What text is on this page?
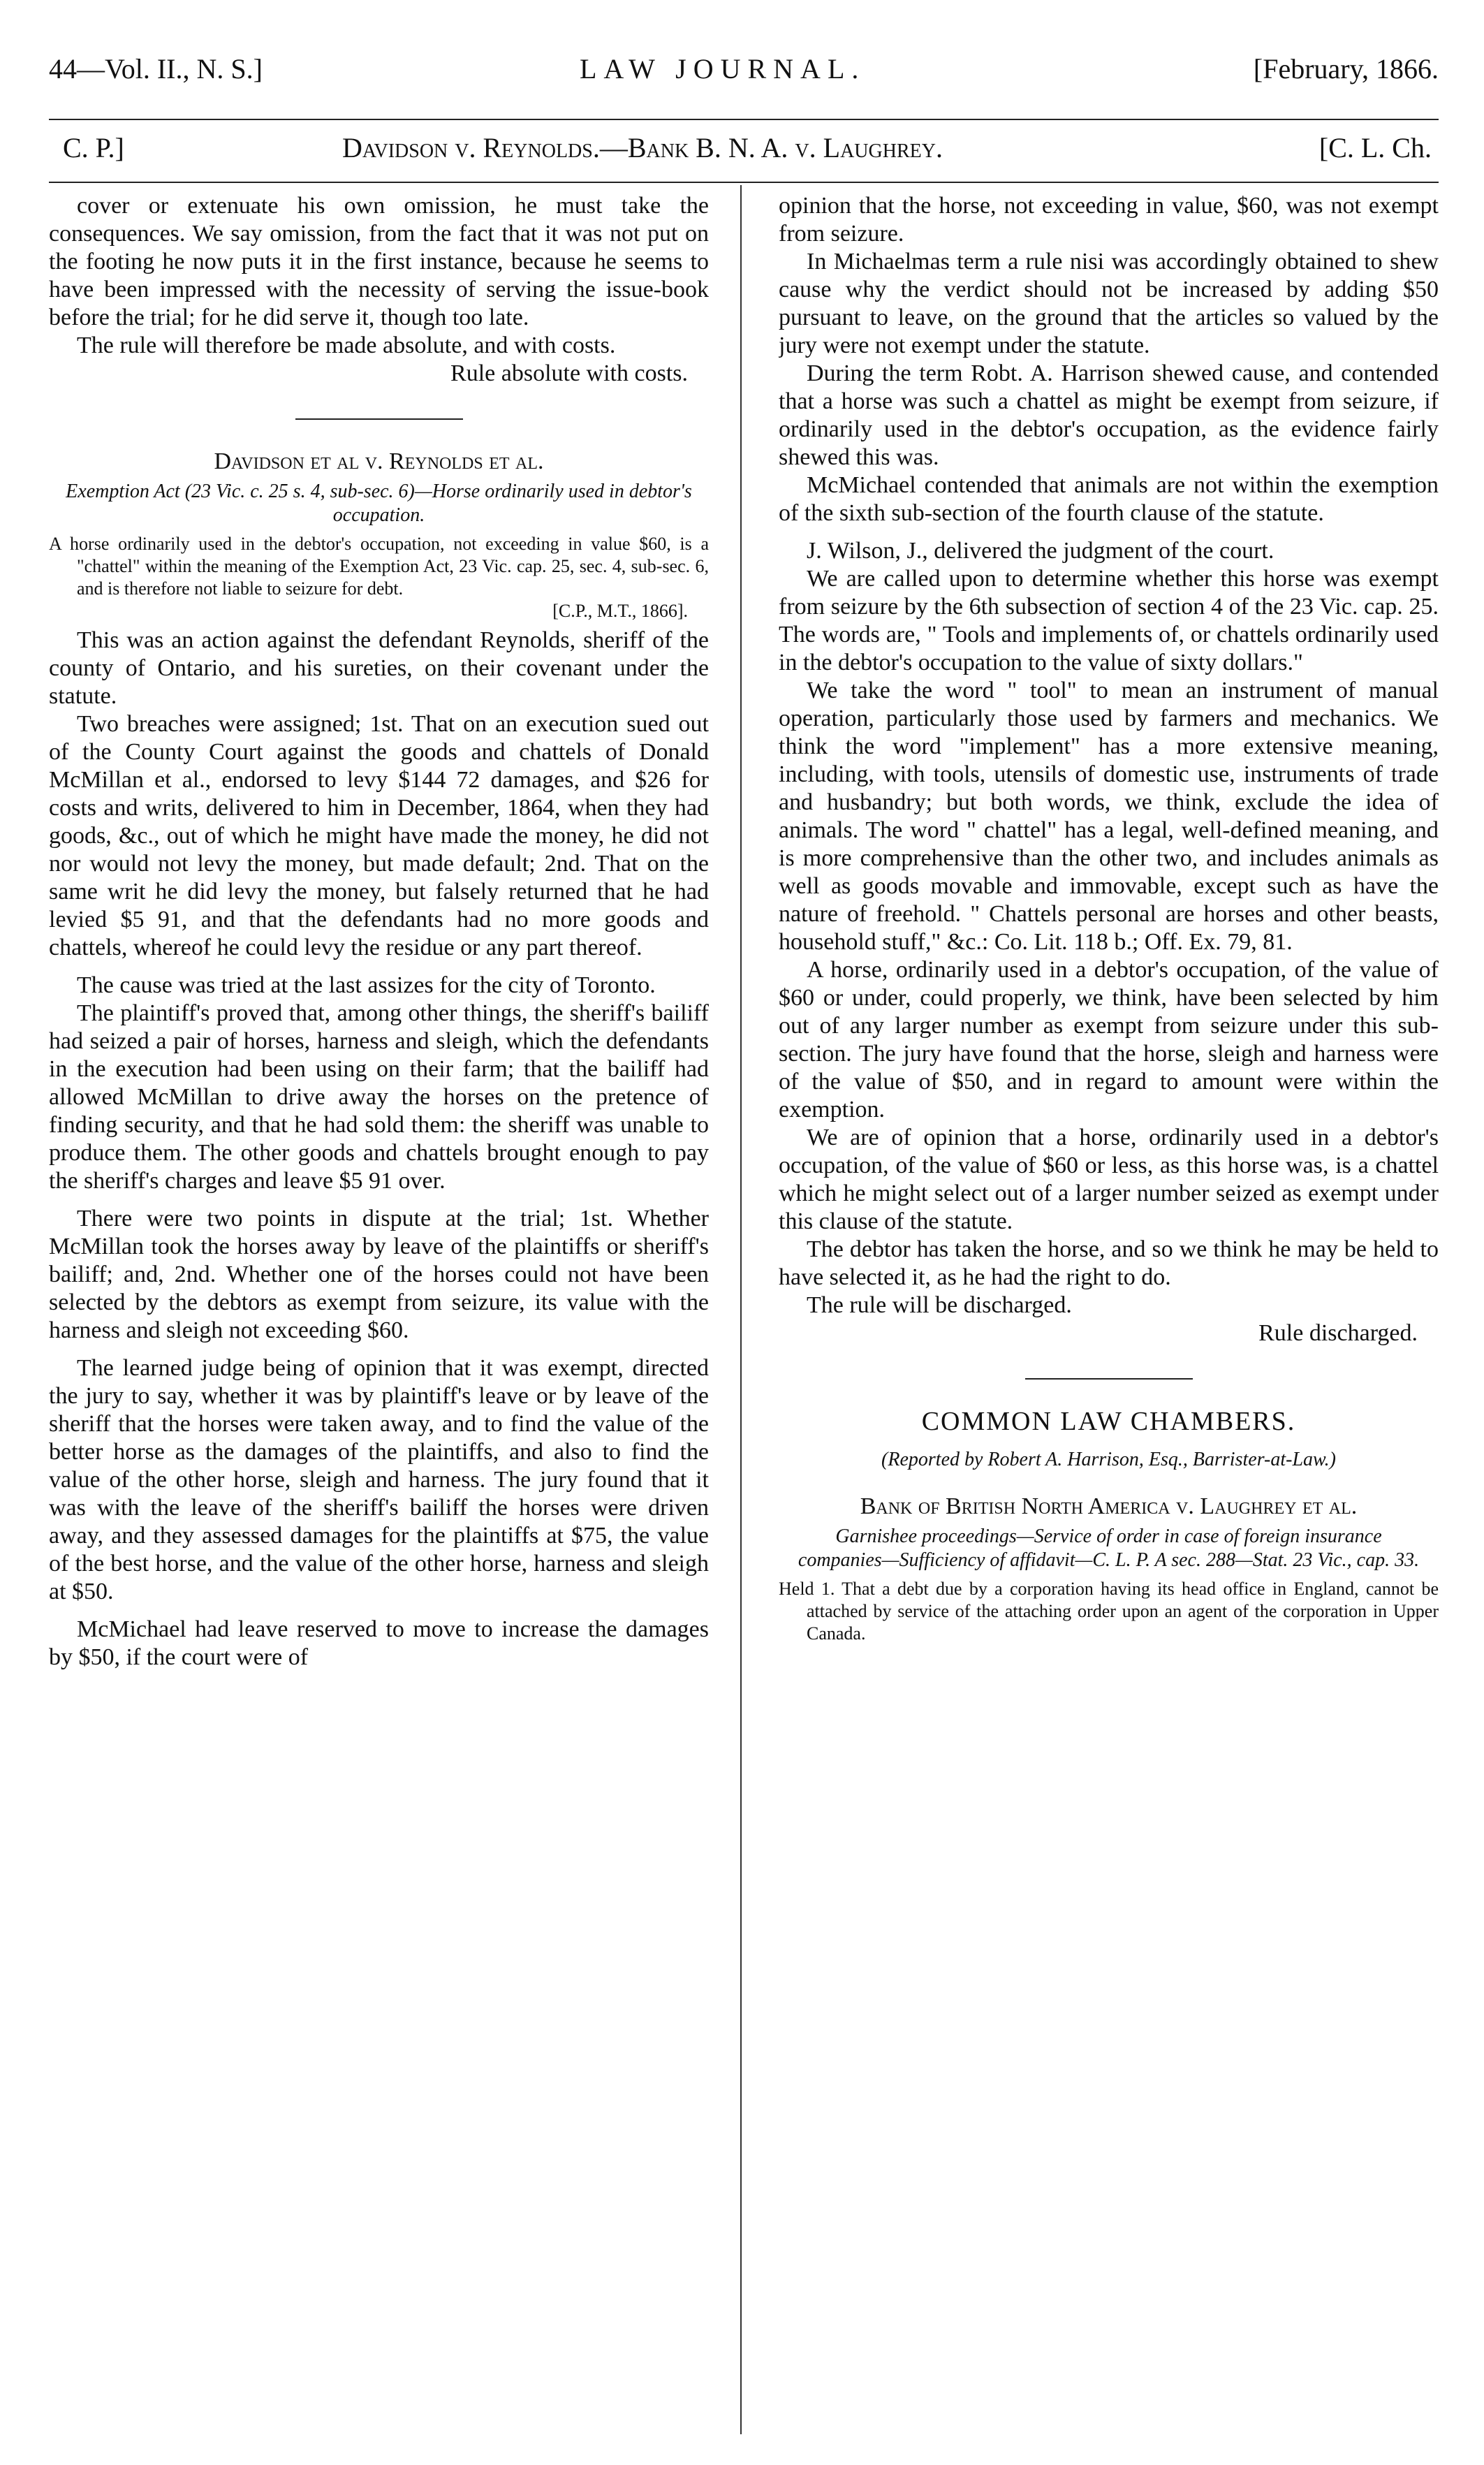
44—Vol. II., N. S.]	LAW JOURNAL.	[February, 1866.
C. P.]	Davidson v. Reynolds.—Bank B. N. A. v. Laughrey.	[C. L. Ch.

cover or extenuate his own omission, he must take the consequences. We say omission, from the fact that it was not put on the footing he now puts it in the first instance, because he seems to have been impressed with the necessity of serving the issue-book before the trial; for he did serve it, though too late.

The rule will therefore be made absolute, and with costs.

Rule absolute with costs.

Davidson et al v. Reynolds et al.

Exemption Act (23 Vic. c. 25 s. 4, sub-sec. 6)—Horse ordinarily used in debtor's occupation.

A horse ordinarily used in the debtor's occupation, not exceeding in value $60, is a "chattel" within the meaning of the Exemption Act, 23 Vic. cap. 25, sec. 4, sub-sec. 6, and is therefore not liable to seizure for debt.

[C.P., M.T., 1866].

This was an action against the defendant Reynolds, sheriff of the county of Ontario, and his sureties, on their covenant under the statute.

Two breaches were assigned; 1st. That on an execution sued out of the County Court against the goods and chattels of Donald McMillan et al., endorsed to levy $144 72 damages, and $26 for costs and writs, delivered to him in December, 1864, when they had goods, &c., out of which he might have made the money, he did not nor would not levy the money, but made default; 2nd. That on the same writ he did levy the money, but falsely returned that he had levied $5 91, and that the defendants had no more goods and chattels, whereof he could levy the residue or any part thereof.

The cause was tried at the last assizes for the city of Toronto.

The plaintiff's proved that, among other things, the sheriff's bailiff had seized a pair of horses, harness and sleigh, which the defendants in the execution had been using on their farm; that the bailiff had allowed McMillan to drive away the horses on the pretence of finding security, and that he had sold them: the sheriff was unable to produce them. The other goods and chattels brought enough to pay the sheriff's charges and leave $5 91 over.

There were two points in dispute at the trial; 1st. Whether McMillan took the horses away by leave of the plaintiffs or sheriff's bailiff; and, 2nd. Whether one of the horses could not have been selected by the debtors as exempt from seizure, its value with the harness and sleigh not exceeding $60.

The learned judge being of opinion that it was exempt, directed the jury to say, whether it was by plaintiff's leave or by leave of the sheriff that the horses were taken away, and to find the value of the better horse as the damages of the plaintiffs, and also to find the value of the other horse, sleigh and harness. The jury found that it was with the leave of the sheriff's bailiff the horses were driven away, and they assessed damages for the plaintiffs at $75, the value of the best horse, and the value of the other horse, harness and sleigh at $50.

McMichael had leave reserved to move to increase the damages by $50, if the court were of

opinion that the horse, not exceeding in value, $60, was not exempt from seizure.

In Michaelmas term a rule nisi was accordingly obtained to shew cause why the verdict should not be increased by adding $50 pursuant to leave, on the ground that the articles so valued by the jury were not exempt under the statute.

During the term Robt. A. Harrison shewed cause, and contended that a horse was such a chattel as might be exempt from seizure, if ordinarily used in the debtor's occupation, as the evidence fairly shewed this was.

McMichael contended that animals are not within the exemption of the sixth sub-section of the fourth clause of the statute.

J. Wilson, J., delivered the judgment of the court.

We are called upon to determine whether this horse was exempt from seizure by the 6th subsection of section 4 of the 23 Vic. cap. 25. The words are, " Tools and implements of, or chattels ordinarily used in the debtor's occupation to the value of sixty dollars."

We take the word " tool" to mean an instrument of manual operation, particularly those used by farmers and mechanics. We think the word "implement" has a more extensive meaning, including, with tools, utensils of domestic use, instruments of trade and husbandry; but both words, we think, exclude the idea of animals. The word " chattel" has a legal, well-defined meaning, and is more comprehensive than the other two, and includes animals as well as goods movable and immovable, except such as have the nature of freehold. " Chattels personal are horses and other beasts, household stuff," &c.: Co. Lit. 118 b.; Off. Ex. 79, 81.

A horse, ordinarily used in a debtor's occupation, of the value of $60 or under, could properly, we think, have been selected by him out of any larger number as exempt from seizure under this sub-section. The jury have found that the horse, sleigh and harness were of the value of $50, and in regard to amount were within the exemption.

We are of opinion that a horse, ordinarily used in a debtor's occupation, of the value of $60 or less, as this horse was, is a chattel which he might select out of a larger number seized as exempt under this clause of the statute.

The debtor has taken the horse, and so we think he may be held to have selected it, as he had the right to do.

The rule will be discharged.

Rule discharged.

COMMON LAW CHAMBERS.

(Reported by Robert A. Harrison, Esq., Barrister-at-Law.)

Bank of British North America v. Laughrey et al.

Garnishee proceedings—Service of order in case of foreign insurance companies—Sufficiency of affidavit—C. L. P. A sec. 288—Stat. 23 Vic., cap. 33.

Held 1. That a debt due by a corporation having its head office in England, cannot be attached by service of the attaching order upon an agent of the corporation in Upper Canada.
